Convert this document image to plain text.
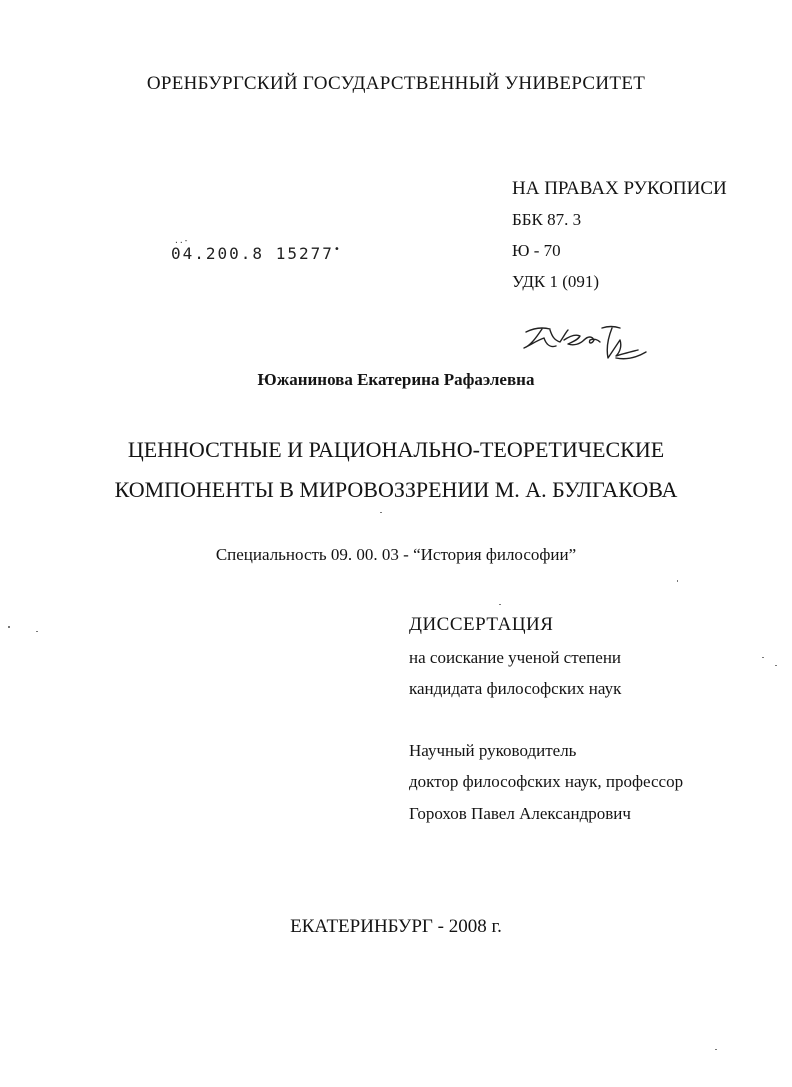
ОРЕНБУРГСКИЙ ГОСУДАРСТВЕННЫЙ УНИВЕРСИТЕТ
НА ПРАВАХ РУКОПИСИ
ББК 87. 3
Ю - 70
УДК 1 (091)
..-
04.200.8 15277•
Южанинова Екатерина Рафаэлевна
ЦЕННОСТНЫЕ И РАЦИОНАЛЬНО-ТЕОРЕТИЧЕСКИЕ
КОМПОНЕНТЫ В МИРОВОЗЗРЕНИИ М. А. БУЛГАКОВА
Специальность 09. 00. 03 - “История философии”
ДИССЕРТАЦИЯ
на соискание ученой степени
кандидата философских наук
Научный руководитель
доктор философских наук, профессор
Горохов Павел Александрович
ЕКАТЕРИНБУРГ - 2008 г.
